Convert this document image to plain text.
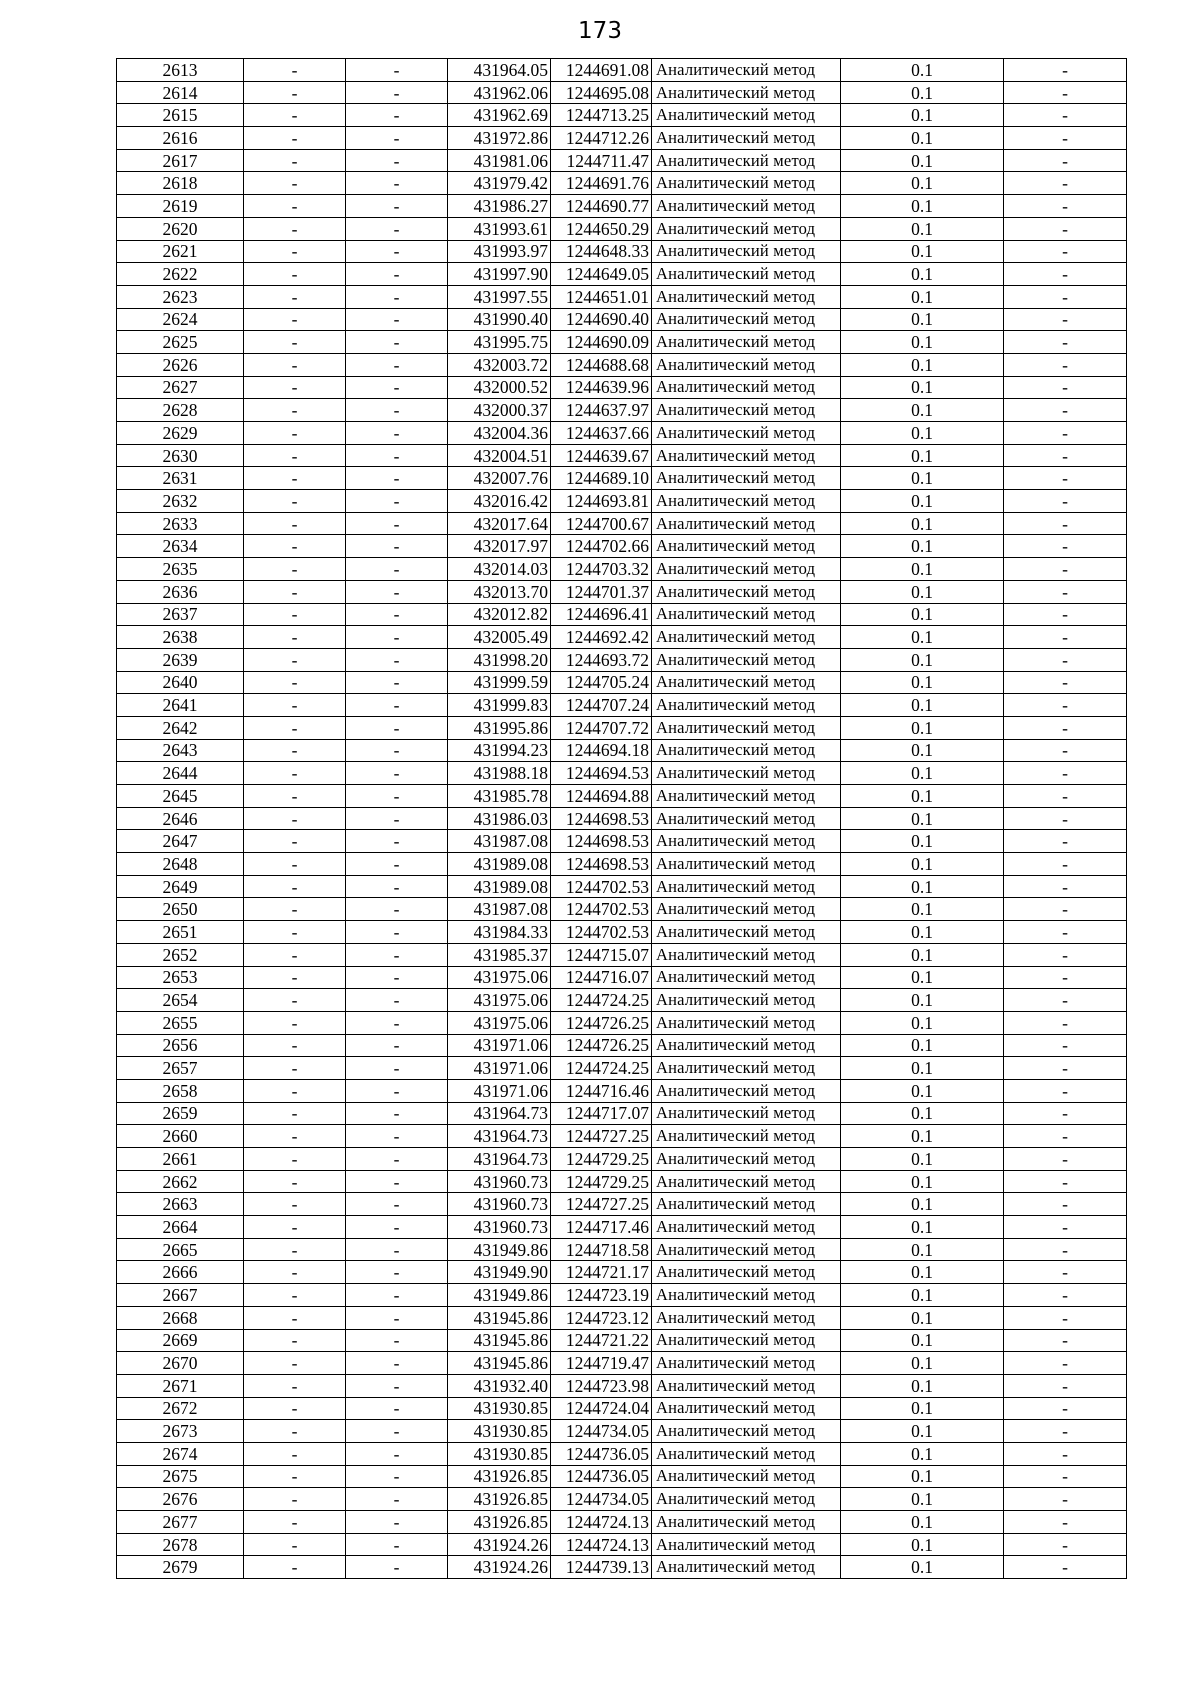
173
2613	-	-	431964.05	1244691.08	Аналитический метод	0.1	-
2614	-	-	431962.06	1244695.08	Аналитический метод	0.1	-
2615	-	-	431962.69	1244713.25	Аналитический метод	0.1	-
2616	-	-	431972.86	1244712.26	Аналитический метод	0.1	-
2617	-	-	431981.06	1244711.47	Аналитический метод	0.1	-
2618	-	-	431979.42	1244691.76	Аналитический метод	0.1	-
2619	-	-	431986.27	1244690.77	Аналитический метод	0.1	-
2620	-	-	431993.61	1244650.29	Аналитический метод	0.1	-
2621	-	-	431993.97	1244648.33	Аналитический метод	0.1	-
2622	-	-	431997.90	1244649.05	Аналитический метод	0.1	-
2623	-	-	431997.55	1244651.01	Аналитический метод	0.1	-
2624	-	-	431990.40	1244690.40	Аналитический метод	0.1	-
2625	-	-	431995.75	1244690.09	Аналитический метод	0.1	-
2626	-	-	432003.72	1244688.68	Аналитический метод	0.1	-
2627	-	-	432000.52	1244639.96	Аналитический метод	0.1	-
2628	-	-	432000.37	1244637.97	Аналитический метод	0.1	-
2629	-	-	432004.36	1244637.66	Аналитический метод	0.1	-
2630	-	-	432004.51	1244639.67	Аналитический метод	0.1	-
2631	-	-	432007.76	1244689.10	Аналитический метод	0.1	-
2632	-	-	432016.42	1244693.81	Аналитический метод	0.1	-
2633	-	-	432017.64	1244700.67	Аналитический метод	0.1	-
2634	-	-	432017.97	1244702.66	Аналитический метод	0.1	-
2635	-	-	432014.03	1244703.32	Аналитический метод	0.1	-
2636	-	-	432013.70	1244701.37	Аналитический метод	0.1	-
2637	-	-	432012.82	1244696.41	Аналитический метод	0.1	-
2638	-	-	432005.49	1244692.42	Аналитический метод	0.1	-
2639	-	-	431998.20	1244693.72	Аналитический метод	0.1	-
2640	-	-	431999.59	1244705.24	Аналитический метод	0.1	-
2641	-	-	431999.83	1244707.24	Аналитический метод	0.1	-
2642	-	-	431995.86	1244707.72	Аналитический метод	0.1	-
2643	-	-	431994.23	1244694.18	Аналитический метод	0.1	-
2644	-	-	431988.18	1244694.53	Аналитический метод	0.1	-
2645	-	-	431985.78	1244694.88	Аналитический метод	0.1	-
2646	-	-	431986.03	1244698.53	Аналитический метод	0.1	-
2647	-	-	431987.08	1244698.53	Аналитический метод	0.1	-
2648	-	-	431989.08	1244698.53	Аналитический метод	0.1	-
2649	-	-	431989.08	1244702.53	Аналитический метод	0.1	-
2650	-	-	431987.08	1244702.53	Аналитический метод	0.1	-
2651	-	-	431984.33	1244702.53	Аналитический метод	0.1	-
2652	-	-	431985.37	1244715.07	Аналитический метод	0.1	-
2653	-	-	431975.06	1244716.07	Аналитический метод	0.1	-
2654	-	-	431975.06	1244724.25	Аналитический метод	0.1	-
2655	-	-	431975.06	1244726.25	Аналитический метод	0.1	-
2656	-	-	431971.06	1244726.25	Аналитический метод	0.1	-
2657	-	-	431971.06	1244724.25	Аналитический метод	0.1	-
2658	-	-	431971.06	1244716.46	Аналитический метод	0.1	-
2659	-	-	431964.73	1244717.07	Аналитический метод	0.1	-
2660	-	-	431964.73	1244727.25	Аналитический метод	0.1	-
2661	-	-	431964.73	1244729.25	Аналитический метод	0.1	-
2662	-	-	431960.73	1244729.25	Аналитический метод	0.1	-
2663	-	-	431960.73	1244727.25	Аналитический метод	0.1	-
2664	-	-	431960.73	1244717.46	Аналитический метод	0.1	-
2665	-	-	431949.86	1244718.58	Аналитический метод	0.1	-
2666	-	-	431949.90	1244721.17	Аналитический метод	0.1	-
2667	-	-	431949.86	1244723.19	Аналитический метод	0.1	-
2668	-	-	431945.86	1244723.12	Аналитический метод	0.1	-
2669	-	-	431945.86	1244721.22	Аналитический метод	0.1	-
2670	-	-	431945.86	1244719.47	Аналитический метод	0.1	-
2671	-	-	431932.40	1244723.98	Аналитический метод	0.1	-
2672	-	-	431930.85	1244724.04	Аналитический метод	0.1	-
2673	-	-	431930.85	1244734.05	Аналитический метод	0.1	-
2674	-	-	431930.85	1244736.05	Аналитический метод	0.1	-
2675	-	-	431926.85	1244736.05	Аналитический метод	0.1	-
2676	-	-	431926.85	1244734.05	Аналитический метод	0.1	-
2677	-	-	431926.85	1244724.13	Аналитический метод	0.1	-
2678	-	-	431924.26	1244724.13	Аналитический метод	0.1	-
2679	-	-	431924.26	1244739.13	Аналитический метод	0.1	-
